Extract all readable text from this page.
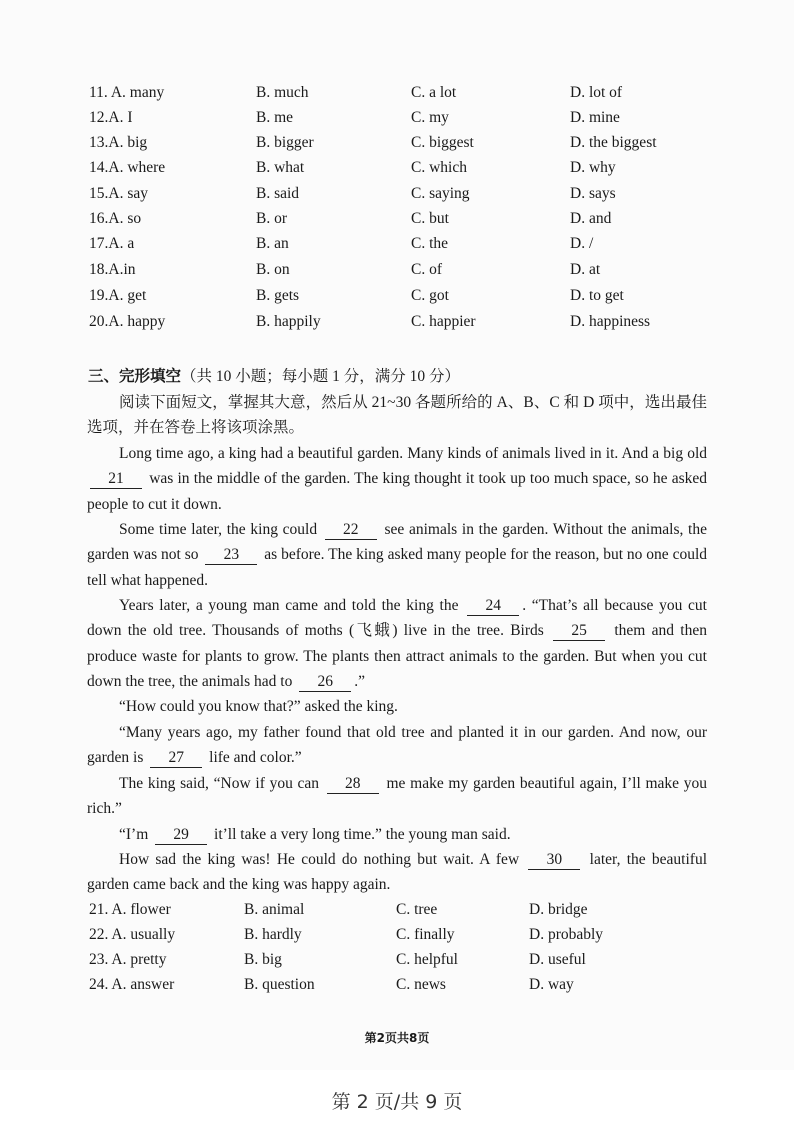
11. A. many	B. much	C. a lot	D. lot of
12.A. I	B. me	C. my	D. mine
13.A. big	B. bigger	C. biggest	D. the biggest
14.A. where	B. what	C. which	D. why
15.A. say	B. said	C. saying	D. says
16.A. so	B. or	C. but	D. and
17.A. a	B. an	C. the	D. /
18.A.in	B. on	C. of	D. at
19.A. get	B. gets	C. got	D. to get
20.A. happy	B. happily	C. happier	D. happiness
三、完形填空（共 10 小题；每小题 1 分，满分 10 分）
阅读下面短文，掌握其大意，然后从 21~30 各题所给的 A、B、C 和 D 项中，选出最佳选项，并在答卷上将该项涂黑。
Long time ago, a king had a beautiful garden. Many kinds of animals lived in it. And a big old 21 was in the middle of the garden. The king thought it took up too much space, so he asked people to cut it down.
Some time later, the king could 22 see animals in the garden. Without the animals, the garden was not so 23 as before. The king asked many people for the reason, but no one could tell what happened.
Years later, a young man came and told the king the 24 . “That’s all because you cut down the old tree. Thousands of moths (飞蛾) live in the tree. Birds 25 them and then produce waste for plants to grow. The plants then attract animals to the garden. But when you cut down the tree, the animals had to 26 .”
“How could you know that?” asked the king.
“Many years ago, my father found that old tree and planted it in our garden. And now, our garden is 27 life and color.”
The king said, “Now if you can 28 me make my garden beautiful again, I’ll make you rich.”
“I’m 29 it’ll take a very long time.” the young man said.
How sad the king was! He could do nothing but wait. A few 30 later, the beautiful garden came back and the king was happy again.
21. A. flower	B. animal	C. tree	D. bridge
22. A. usually	B. hardly	C. finally	D. probably
23. A. pretty	B. big	C. helpful	D. useful
24. A. answer	B. question	C. news	D. way
第2页共8页
第 2 页/共 9 页
